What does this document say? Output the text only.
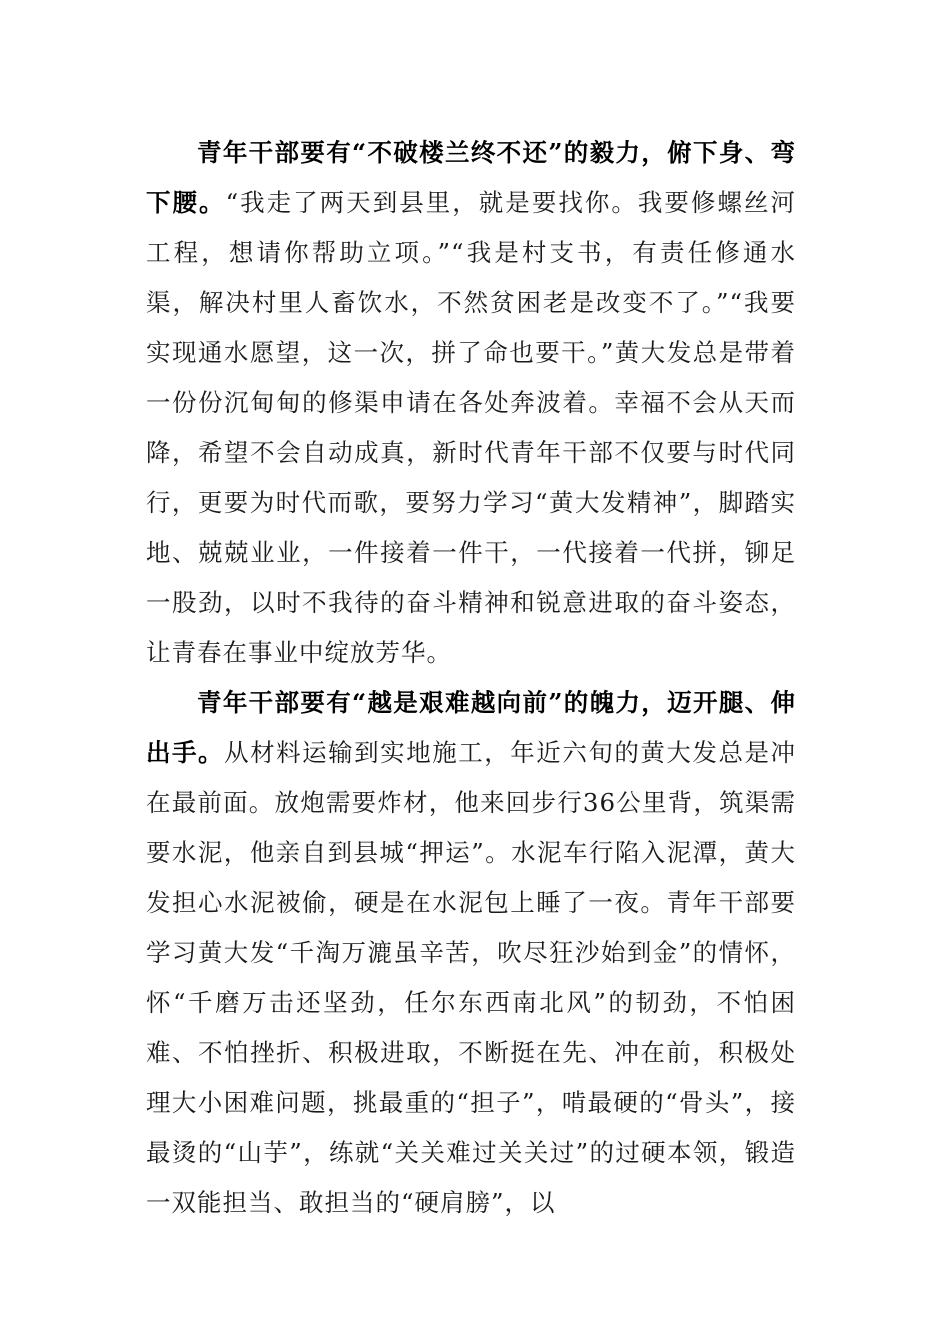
青年干部要有“不破楼兰终不还”的毅力，俯下身、弯下腰。“我走了两天到县里，就是要找你。我要修螺丝河工程，想请你帮助立项。”“我是村支书，有责任修通水渠，解决村里人畜饮水，不然贫困老是改变不了。”“我要实现通水愿望，这一次，拼了命也要干。”黄大发总是带着一份份沉甸甸的修渠申请在各处奔波着。幸福不会从天而降，希望不会自动成真，新时代青年干部不仅要与时代同行，更要为时代而歌，要努力学习“黄大发精神”，脚踏实地、兢兢业业，一件接着一件干，一代接着一代拼，铆足一股劲，以时不我待的奋斗精神和锐意进取的奋斗姿态，让青春在事业中绽放芳华。

青年干部要有“越是艰难越向前”的魄力，迈开腿、伸出手。从材料运输到实地施工，年近六旬的黄大发总是冲在最前面。放炮需要炸材，他来回步行36公里背，筑渠需要水泥，他亲自到县城“押运”。水泥车行陷入泥潭，黄大发担心水泥被偷，硬是在水泥包上睡了一夜。青年干部要学习黄大发“千淘万漉虽辛苦，吹尽狂沙始到金”的情怀，怀“千磨万击还坚劲，任尔东西南北风”的韧劲，不怕困难、不怕挫折、积极进取，不断挺在先、冲在前，积极处理大小困难问题，挑最重的“担子”，啃最硬的“骨头”，接最烫的“山芋”，练就“关关难过关关过”的过硬本领，锻造一双能担当、敢担当的“硬肩膀”，以
